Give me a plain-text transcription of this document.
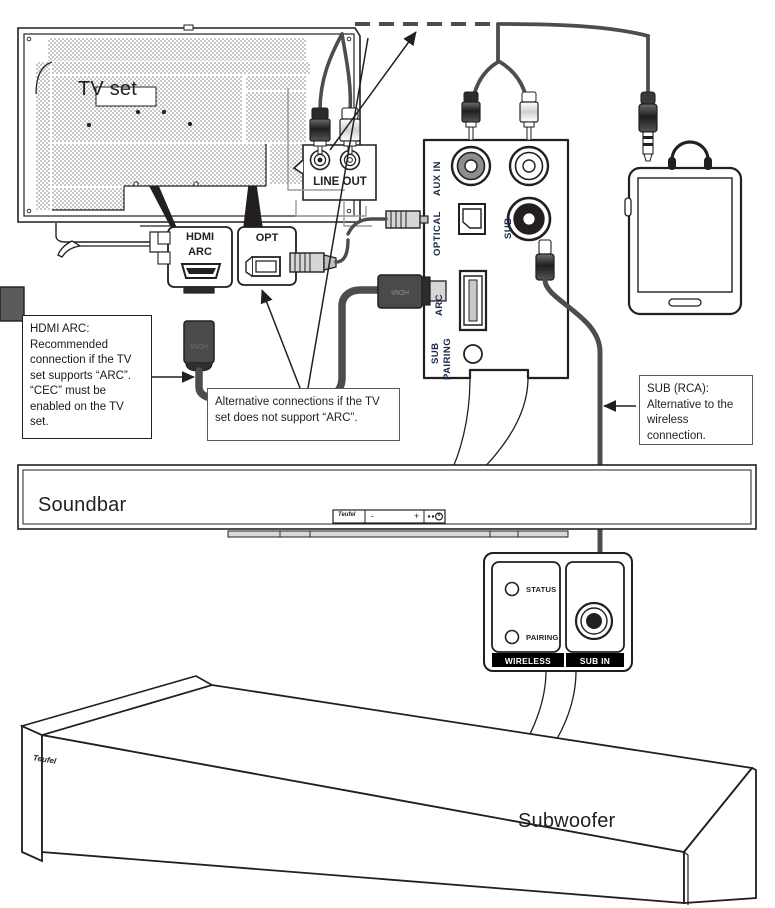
HDMI
HDMI
TV set
HDMI
ARC
OPT
LINE OUT	AUX IN
OPTICAL	SUB
ARC
SUB PAIRING
Soundbar	Teufel -	+
STATUS
PAIRING
WIRELESS	SUB IN
Subwoofer
Teufel
HDMI ARC: Recommended connection if the TV set supports “ARC”. “CEC” must be enabled on the TV set.
Alternative connections if the TV set does not support “ARC”.
SUB (RCA): Alternative to the wireless connection.
